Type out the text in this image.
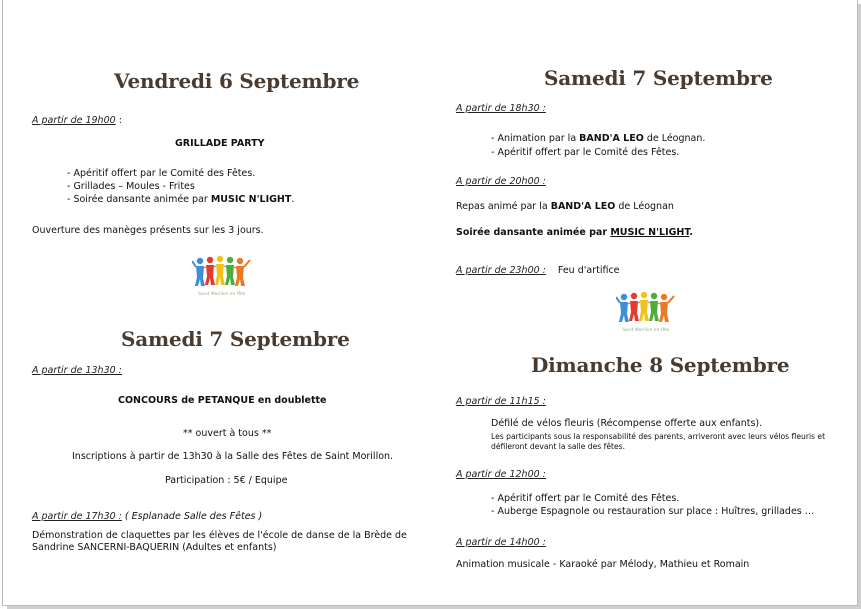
Vendredi 6 Septembre
A partir de 19h00 :
GRILLADE PARTY
- Apéritif offert par le Comité des Fêtes.
- Grillades – Moules - Frites
- Soirée dansante animée par MUSIC N'LIGHT.
Ouverture des manèges présents sur les 3 jours.
Saint Morillon en fête
Samedi 7 Septembre
A partir de 13h30 :
CONCOURS de PETANQUE en doublette
** ouvert à tous **
Inscriptions à partir de 13h30 à la Salle des Fêtes de Saint Morillon.
Participation : 5€ / Equipe
A partir de 17h30 : ( Esplanade Salle des Fêtes )
Démonstration de claquettes par les élèves de l'école de danse de la Brède de
Sandrine SANCERNI-BAQUERIN (Adultes et enfants)
Samedi 7 Septembre
A partir de 18h30 :
- Animation par la BAND'A LEO de Léognan.
- Apéritif offert par le Comité des Fêtes.
A partir de 20h00 :
Repas animé par la BAND'A LEO de Léognan
Soirée dansante animée par MUSIC N'LIGHT.
A partir de 23h00 : Feu d'artifice
Saint Morillon en fête
Dimanche 8 Septembre
A partir de 11h15 :
Défilé de vélos fleuris (Récompense offerte aux enfants).
Les participants sous la responsabilité des parents, arriveront avec leurs vélos fleuris et
défileront devant la salle des fêtes.
A partir de 12h00 :
- Apéritif offert par le Comité des Fêtes.
- Auberge Espagnole ou restauration sur place : Huîtres, grillades …
A partir de 14h00 :
Animation musicale - Karaoké par Mélody, Mathieu et Romain
